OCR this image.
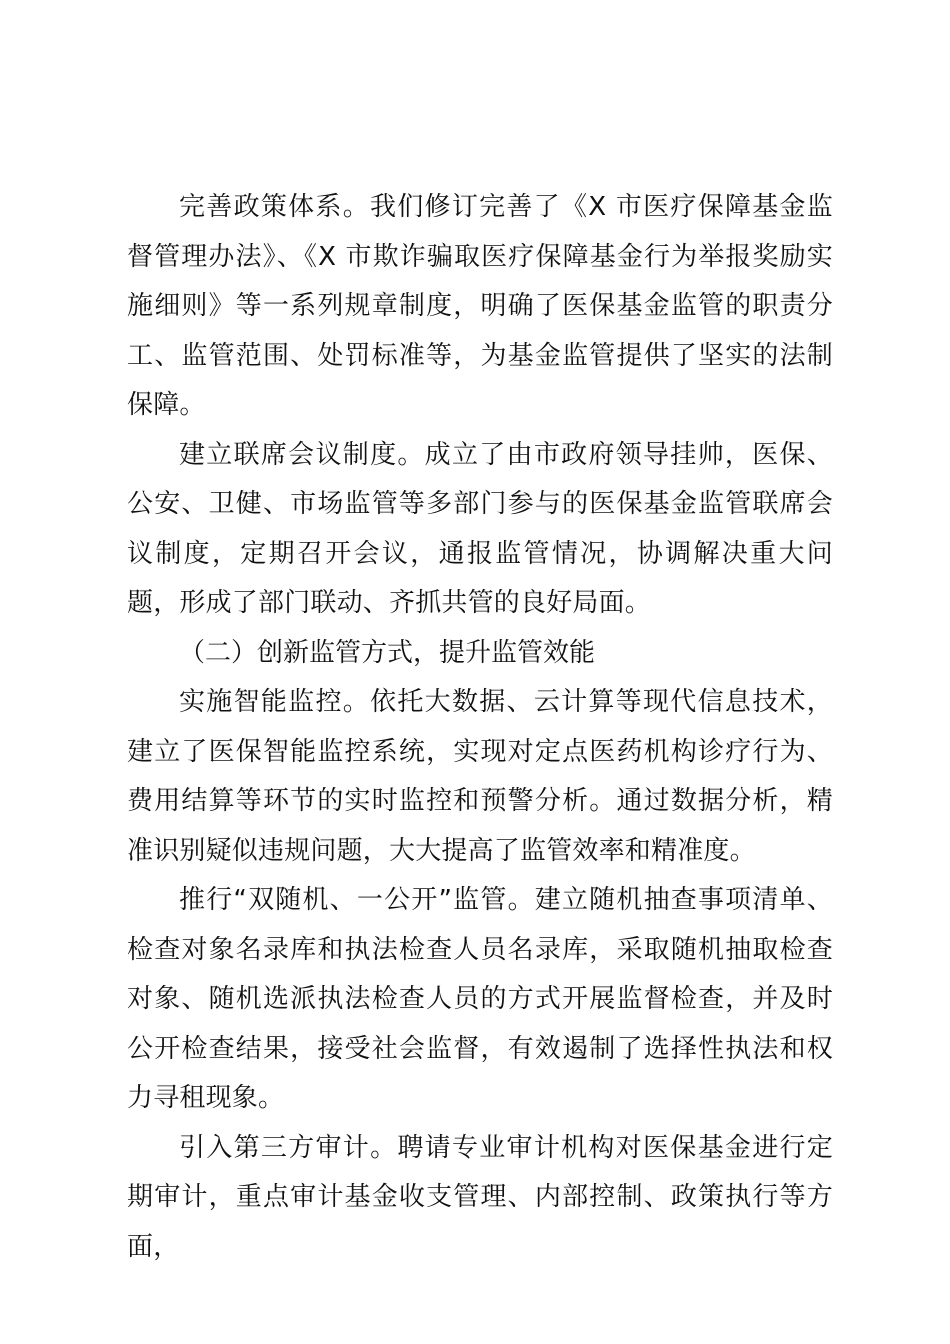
完善政策体系。我们修订完善了《X 市医疗保障基金监督管理办法》、《X 市欺诈骗取医疗保障基金行为举报奖励实施细则》等一系列规章制度，明确了医保基金监管的职责分工、监管范围、处罚标准等，为基金监管提供了坚实的法制保障。

建立联席会议制度。成立了由市政府领导挂帅，医保、公安、卫健、市场监管等多部门参与的医保基金监管联席会议制度，定期召开会议，通报监管情况，协调解决重大问题，形成了部门联动、齐抓共管的良好局面。

（二）创新监管方式，提升监管效能

实施智能监控。依托大数据、云计算等现代信息技术，建立了医保智能监控系统，实现对定点医药机构诊疗行为、费用结算等环节的实时监控和预警分析。通过数据分析，精准识别疑似违规问题，大大提高了监管效率和精准度。

推行“双随机、一公开”监管。建立随机抽查事项清单、检查对象名录库和执法检查人员名录库，采取随机抽取检查对象、随机选派执法检查人员的方式开展监督检查，并及时公开检查结果，接受社会监督，有效遏制了选择性执法和权力寻租现象。

引入第三方审计。聘请专业审计机构对医保基金进行定期审计，重点审计基金收支管理、内部控制、政策执行等方面，
